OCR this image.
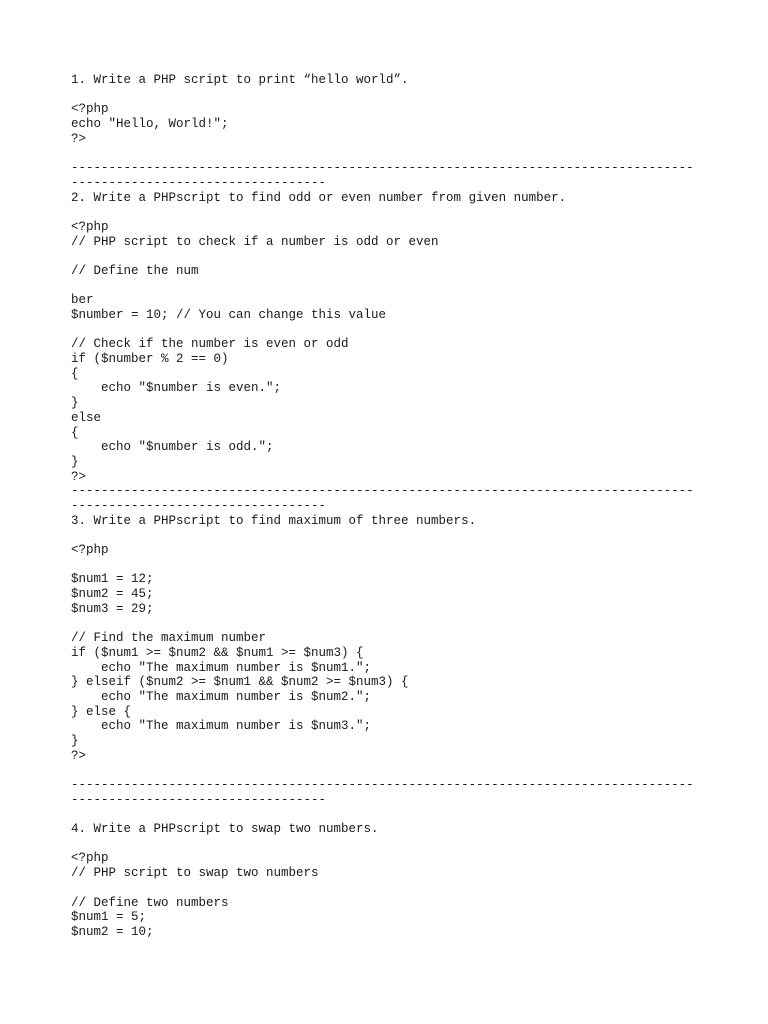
1. Write a PHP script to print “hello world”.
<?php
echo "Hello, World!";
?>
-----------------------------------------------------------------------------------
----------------------------------
2. Write a PHPscript to find odd or even number from given number.
<?php
// PHP script to check if a number is odd or even
// Define the num
ber
$number = 10; // You can change this value
// Check if the number is even or odd
if ($number % 2 == 0)
{
echo "$number is even.";
}
else
{
echo "$number is odd.";
}
?>
-----------------------------------------------------------------------------------
----------------------------------
3. Write a PHPscript to find maximum of three numbers.
<?php
$num1 = 12;
$num2 = 45;
$num3 = 29;
// Find the maximum number
if ($num1 >= $num2 && $num1 >= $num3) {
echo "The maximum number is $num1.";
} elseif ($num2 >= $num1 && $num2 >= $num3) {
echo "The maximum number is $num2.";
} else {
echo "The maximum number is $num3.";
}
?>
-----------------------------------------------------------------------------------
----------------------------------
4. Write a PHPscript to swap two numbers.
<?php
// PHP script to swap two numbers
// Define two numbers
$num1 = 5;
$num2 = 10;
